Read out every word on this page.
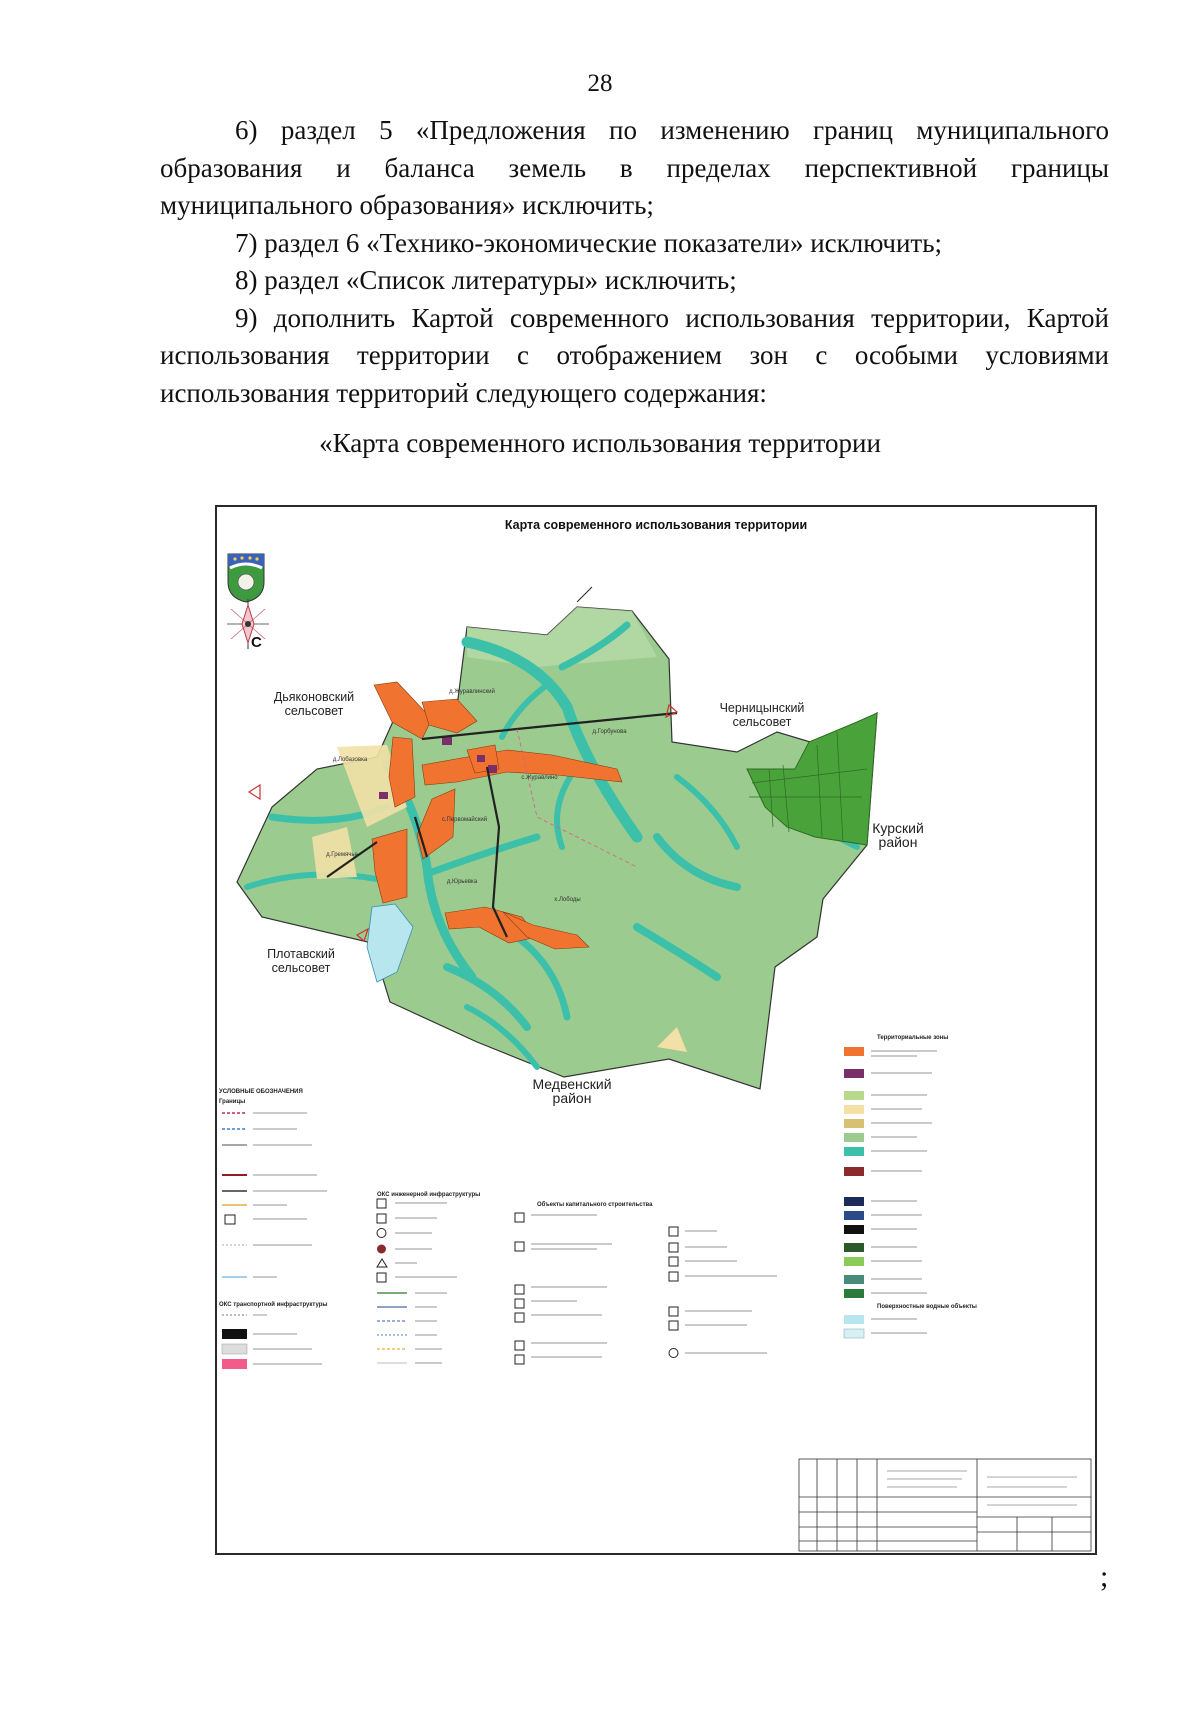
28

6) раздел 5 «Предложения по изменению границ муниципального образования и баланса земель в пределах перспективной границы муниципального образования» исключить;

7) раздел 6 «Технико-экономические показатели» исключить;

8) раздел «Список литературы» исключить;

9) дополнить Картой современного использования территории, Картой использования территории с отображением зон с особыми условиями использования территорий следующего содержания:

«Карта современного использования территории
Карта современного использования территории
С
Дьяконовский сельсовет	Черницынский сельсовет
Курский район
Плотавский сельсовет
Медвенский район
д.Журавлинский
д.Горбунова
д.Лобазовка
с.Журавлино
с.Первомайский
д.Гремячье
д.Юрьевка
х.Лободы
УСЛОВНЫЕ ОБОЗНАЧЕНИЯ
Границы
ОКС транспортной инфраструктуры
ОКС инженерной инфраструктуры
Объекты капитального строительства
Территориальные зоны
Поверхностные водные объекты
;
